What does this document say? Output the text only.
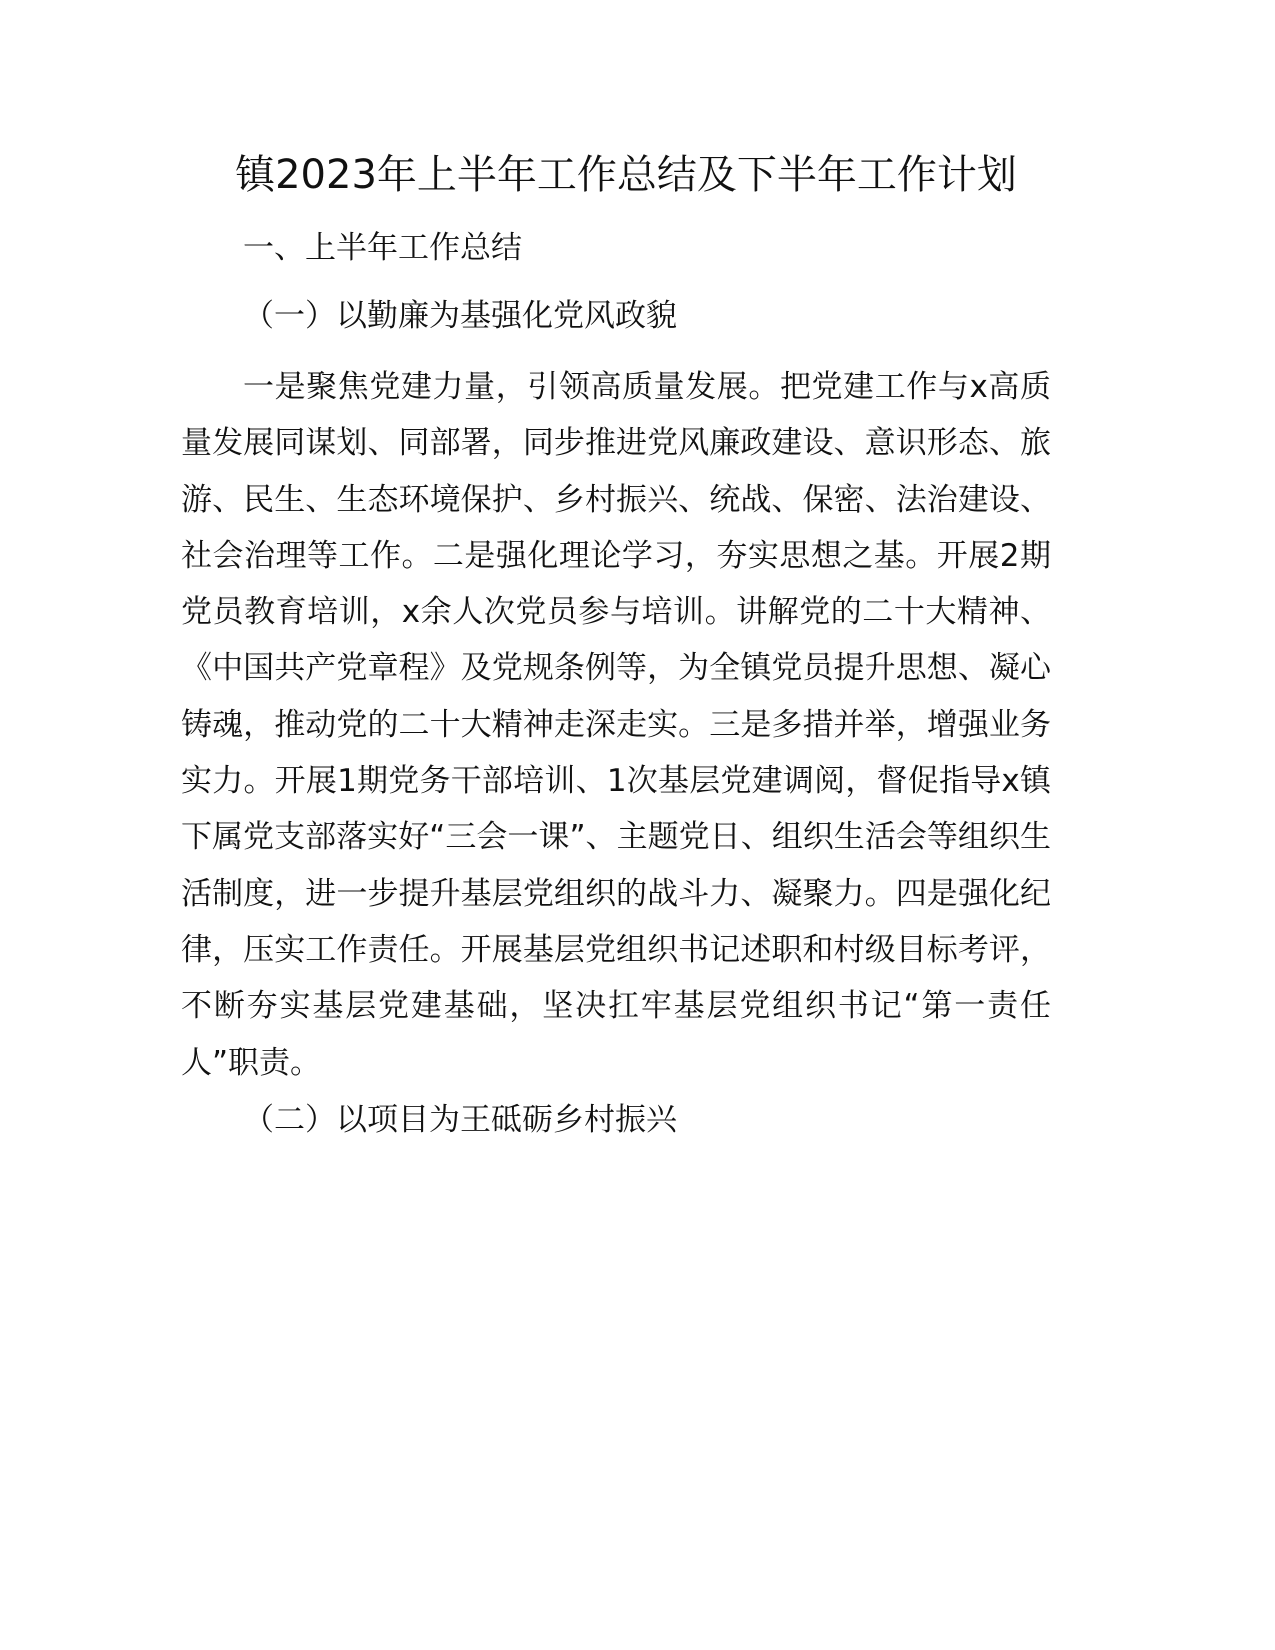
镇2023年上半年工作总结及下半年工作计划
一、上半年工作总结
（一）以勤廉为基强化党风政貌

一是聚焦党建力量，引领高质量发展。把党建工作与x高质量发展同谋划、同部署，同步推进党风廉政建设、意识形态、旅游、民生、生态环境保护、乡村振兴、统战、保密、法治建设、社会治理等工作。二是强化理论学习，夯实思想之基。开展2期党员教育培训，x余人次党员参与培训。讲解党的二十大精神、《中国共产党章程》及党规条例等，为全镇党员提升思想、凝心铸魂，推动党的二十大精神走深走实。三是多措并举，增强业务实力。开展1期党务干部培训、1次基层党建调阅，督促指导x镇下属党支部落实好“三会一课”、主题党日、组织生活会等组织生活制度，进一步提升基层党组织的战斗力、凝聚力。四是强化纪律，压实工作责任。开展基层党组织书记述职和村级目标考评，不断夯实基层党建基础，坚决扛牢基层党组织书记“第一责任人”职责。

（二）以项目为王砥砺乡村振兴
